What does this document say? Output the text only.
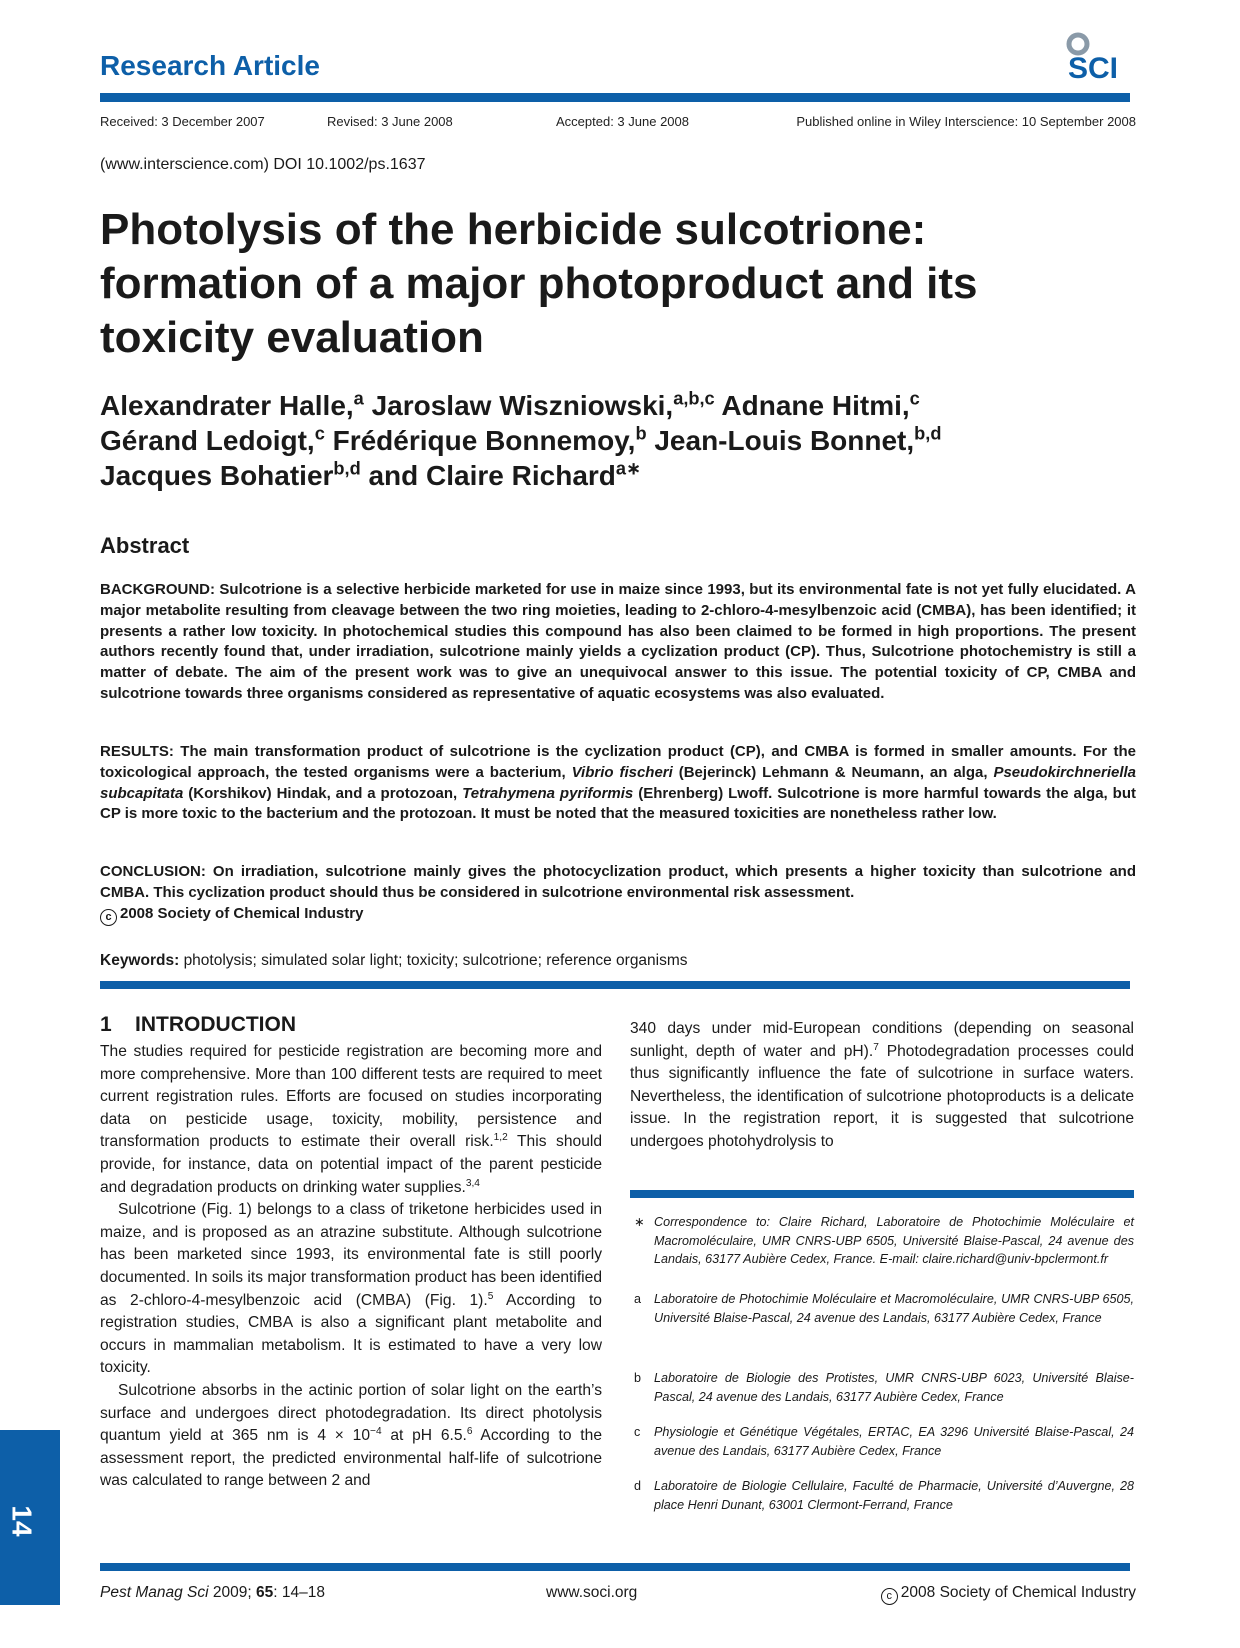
Research Article	SCI
Received: 3 December 2007	Revised: 3 June 2008	Accepted: 3 June 2008	Published online in Wiley Interscience: 10 September 2008
(www.interscience.com) DOI 10.1002/ps.1637
Photolysis of the herbicide sulcotrione:
formation of a major photoproduct and its
toxicity evaluation
Alexandrater Halle,$^a$ Jaroslaw Wiszniowski,$^{a,b,c}$ Adnane Hitmi,$^c$
Gérand Ledoigt,$^c$ Frédérique Bonnemoy,$^b$ Jean-Louis Bonnet,$^{b,d}$
Jacques Bohatier$^{b,d}$ and Claire Richard$^{a∗}$
Abstract
BACKGROUND: Sulcotrione is a selective herbicide marketed for use in maize since 1993, but its environmental fate is not yet fully elucidated. A major metabolite resulting from cleavage between the two ring moieties, leading to 2-chloro-4-mesylbenzoic acid (CMBA), has been identified; it presents a rather low toxicity. In photochemical studies this compound has also been claimed to be formed in high proportions. The present authors recently found that, under irradiation, sulcotrione mainly yields a cyclization product (CP). Thus, Sulcotrione photochemistry is still a matter of debate. The aim of the present work was to give an unequivocal answer to this issue. The potential toxicity of CP, CMBA and sulcotrione towards three organisms considered as representative of aquatic ecosystems was also evaluated.
RESULTS: The main transformation product of sulcotrione is the cyclization product (CP), and CMBA is formed in smaller amounts. For the toxicological approach, the tested organisms were a bacterium, Vibrio fischeri (Bejerinck) Lehmann & Neumann, an alga, Pseudokirchneriella subcapitata (Korshikov) Hindak, and a protozoan, Tetrahymena pyriformis (Ehrenberg) Lwoff. Sulcotrione is more harmful towards the alga, but CP is more toxic to the bacterium and the protozoan. It must be noted that the measured toxicities are nonetheless rather low.
CONCLUSION: On irradiation, sulcotrione mainly gives the photocyclization product, which presents a higher toxicity than sulcotrione and CMBA. This cyclization product should thus be considered in sulcotrione environmental risk assessment.
c 2008 Society of Chemical Industry
Keywords: photolysis; simulated solar light; toxicity; sulcotrione; reference organisms
1 INTRODUCTION

The studies required for pesticide registration are becoming more and more comprehensive. More than 100 different tests are required to meet current registration rules. Efforts are focused on studies incorporating data on pesticide usage, toxicity, mobility, persistence and transformation products to estimate their overall risk.$^{1,2}$ This should provide, for instance, data on potential impact of the parent pesticide and degradation products on drinking water supplies.$^{3,4}$

Sulcotrione (Fig. 1) belongs to a class of triketone herbicides used in maize, and is proposed as an atrazine substitute. Although sulcotrione has been marketed since 1993, its environmental fate is still poorly documented. In soils its major transformation product has been identified as 2-chloro-4-mesylbenzoic acid (CMBA) (Fig. 1).$^5$ According to registration studies, CMBA is also a significant plant metabolite and occurs in mammalian metabolism. It is estimated to have a very low toxicity.

Sulcotrione absorbs in the actinic portion of solar light on the earth’s surface and undergoes direct photodegradation. Its direct photolysis quantum yield at 365 nm is $4 \times 10^{-4}$ at pH 6.5.$^6$ According to the assessment report, the predicted environmental half-life of sulcotrione was calculated to range between 2 and

340 days under mid-European conditions (depending on seasonal sunlight, depth of water and pH).$^7$ Photodegradation processes could thus significantly influence the fate of sulcotrione in surface waters. Nevertheless, the identification of sulcotrione photoproducts is a delicate issue. In the registration report, it is suggested that sulcotrione undergoes photohydrolysis to
∗ Correspondence to: Claire Richard, Laboratoire de Photochimie Moléculaire et Macromoléculaire, UMR CNRS-UBP 6505, Université Blaise-Pascal, 24 avenue des Landais, 63177 Aubière Cedex, France. E-mail: claire.richard@univ-bpclermont.fr
a Laboratoire de Photochimie Moléculaire et Macromoléculaire, UMR CNRS-UBP 6505, Université Blaise-Pascal, 24 avenue des Landais, 63177 Aubière Cedex, France
b Laboratoire de Biologie des Protistes, UMR CNRS-UBP 6023, Université Blaise-Pascal, 24 avenue des Landais, 63177 Aubière Cedex, France
c Physiologie et Génétique Végétales, ERTAC, EA 3296 Université Blaise-Pascal, 24 avenue des Landais, 63177 Aubière Cedex, France
d Laboratoire de Biologie Cellulaire, Faculté de Pharmacie, Université d’Auvergne, 28 place Henri Dunant, 63001 Clermont-Ferrand, France
14
Pest Manag Sci 2009; 65: 14–18	www.soci.org	c 2008 Society of Chemical Industry
